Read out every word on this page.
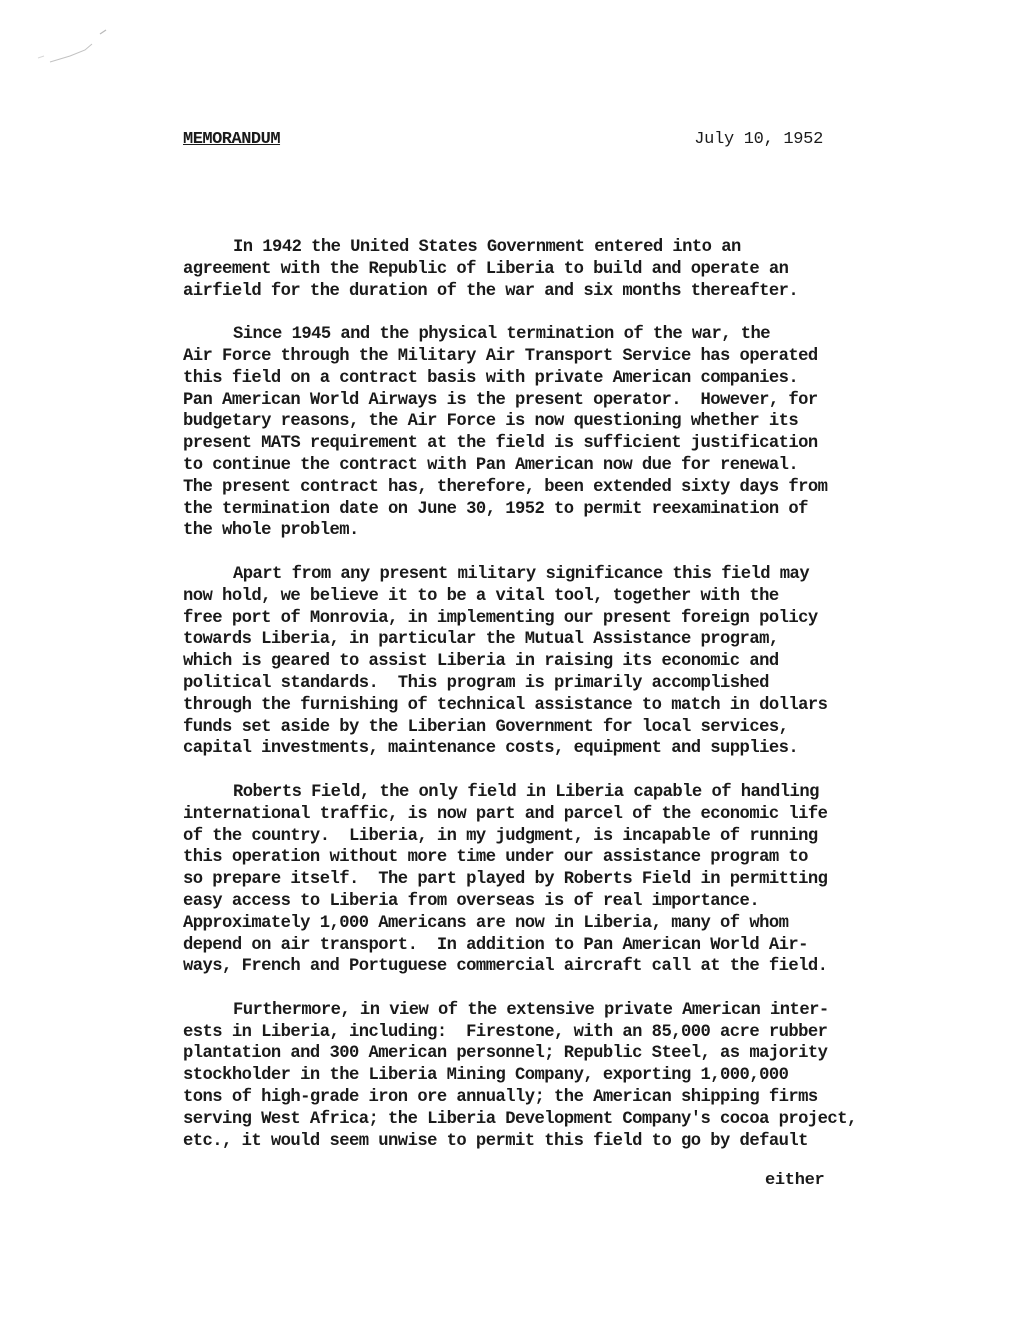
MEMORANDUM	July 10, 1952

In 1942 the United States Government entered into an
agreement with the Republic of Liberia to build and operate an
airfield for the duration of the war and six months thereafter.

Since 1945 and the physical termination of the war, the
Air Force through the Military Air Transport Service has operated
this field on a contract basis with private American companies.
Pan American World Airways is the present operator.  However, for
budgetary reasons, the Air Force is now questioning whether its
present MATS requirement at the field is sufficient justification
to continue the contract with Pan American now due for renewal.
The present contract has, therefore, been extended sixty days from
the termination date on June 30, 1952 to permit reexamination of
the whole problem.

Apart from any present military significance this field may
now hold, we believe it to be a vital tool, together with the
free port of Monrovia, in implementing our present foreign policy
towards Liberia, in particular the Mutual Assistance program,
which is geared to assist Liberia in raising its economic and
political standards.  This program is primarily accomplished
through the furnishing of technical assistance to match in dollars
funds set aside by the Liberian Government for local services,
capital investments, maintenance costs, equipment and supplies.

Roberts Field, the only field in Liberia capable of handling
international traffic, is now part and parcel of the economic life
of the country.  Liberia, in my judgment, is incapable of running
this operation without more time under our assistance program to
so prepare itself.  The part played by Roberts Field in permitting
easy access to Liberia from overseas is of real importance.
Approximately 1,000 Americans are now in Liberia, many of whom
depend on air transport.  In addition to Pan American World Air-
ways, French and Portuguese commercial aircraft call at the field.

Furthermore, in view of the extensive private American inter-
ests in Liberia, including:  Firestone, with an 85,000 acre rubber
plantation and 300 American personnel; Republic Steel, as majority
stockholder in the Liberia Mining Company, exporting 1,000,000
tons of high-grade iron ore annually; the American shipping firms
serving West Africa; the Liberia Development Company's cocoa project,
etc., it would seem unwise to permit this field to go by default

either
